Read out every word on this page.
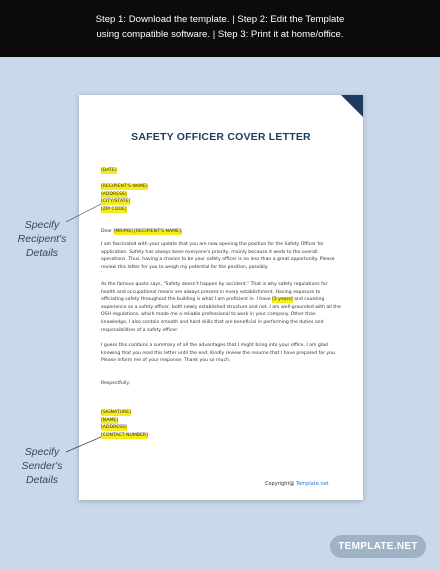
Step 1: Download the template. | Step 2: Edit the Template
using compatible software. | Step 3: Print it at home/office.
SAFETY OFFICER COVER LETTER
[DATE]
[RECIPIENT'S NAME]
[ADDRESS]
[CITY/STATE]
[ZIP CODE]
Dear [MR/MS] [RECIPIENT'S NAME],
I am fascinated with your update that you are now opening the position for the Safety Officer for application. Safety has always been everyone's priority, mainly because it weds to the overall operations. Thus, having a chance to be your safety officer is no less than a great opportunity. Please review this letter for you to weigh my potential for the position, possibly.
As the famous quote says, "Safety doesn't happen by accident." That is why safety regulations for health and occupational means are always present in every establishment. Having exposure to officiating safety throughout the building is what I am proficient in. I have [5 years] and counting experience as a safety officer, both newly established structure and not. I am well-grounded with all the OSH regulations, which made me a reliable professional to work in your company. Other than knowledge, I also contain smooth and hard skills that are beneficial in performing the duties and responsibilities of a safety officer.
I guess this contains a summary of all the advantages that I might bring into your office. I am glad knowing that you read this letter until the end. Kindly review the resume that I have prepared for you. Please inform me of your response. Thank you so much.
Respectfully,
[SIGNATURE]
[NAME]
[ADDRESS]
[CONTACT NUMBER]
Copyright@ Template.net
Specify
Recipent's
Details
Specify
Sender's
Details
TEMPLATE.NET
